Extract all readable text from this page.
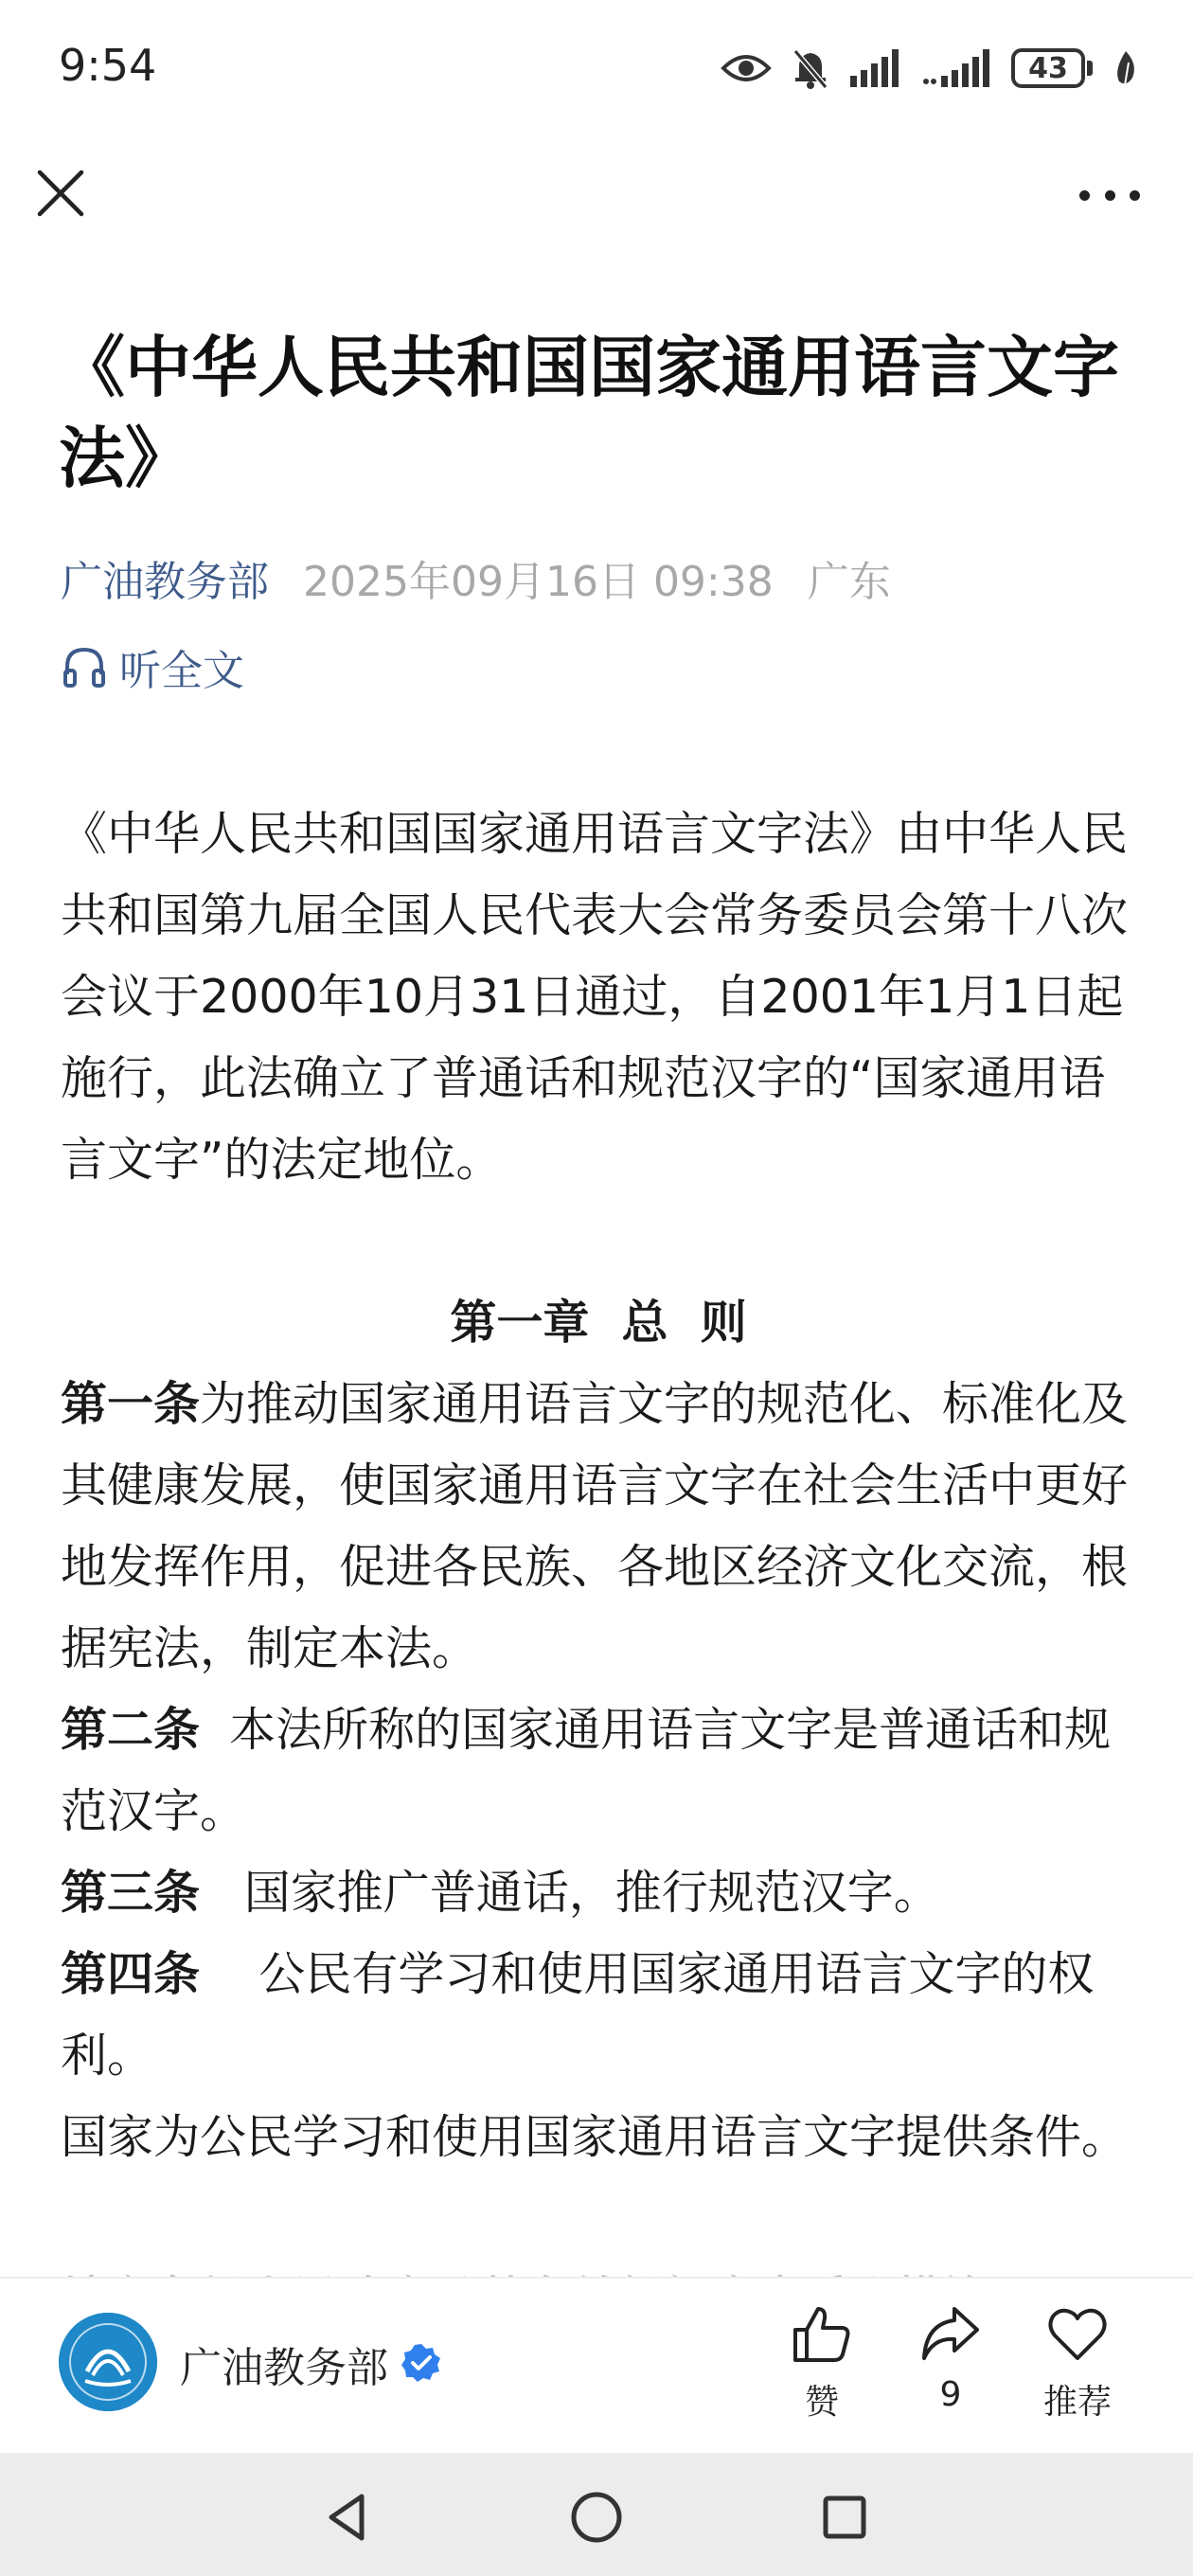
9:54	43
《中华人民共和国国家通用语言文字法》
广油教务部 2025年09月16日 09:38 广东
听全文

《中华人民共和国国家通用语言文字法》由中华人民共和国第九届全国人民代表大会常务委员会第十八次会议于2000年10月31日通过，自2001年1月1日起施行，此法确立了普通话和规范汉字的“国家通用语言文字”的法定地位。

第一章  总  则

第一条为推动国家通用语言文字的规范化、标准化及其健康发展，使国家通用语言文字在社会生活中更好地发挥作用，促进各民族、各地区经济文化交流，根据宪法，制定本法。

第二条  本法所称的国家通用语言文字是普通话和规范汉字。

第三条   国家推广普通话，推行规范汉字。

第四条    公民有学习和使用国家通用语言文字的权利。

国家为公民学习和使用国家通用语言文字提供条件。

广油教务部
赞	9 推荐
